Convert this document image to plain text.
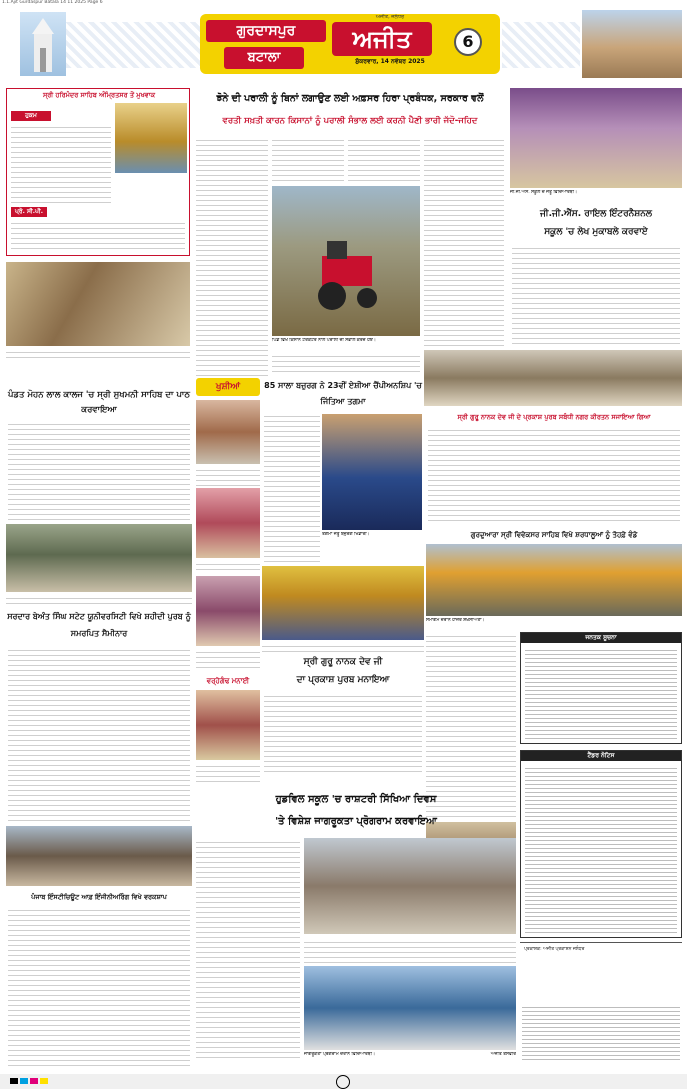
1.1.Ajit Gurdaspur Batala 14 11 2025 Page 6
ਗੁਰਦਾਸਪੁਰ
ਬਟਾਲਾ
ਅਜੀਤ
ਅਜੀਤ, ਜਲੰਧਰ
ਸ਼ੁੱਕਰਵਾਰ, 14 ਨਵੰਬਰ 2025
6
ਸ੍ਰੀ ਹਰਿਮੰਦਰ ਸਾਹਿਬ ਅੰਮ੍ਰਿਤਸਰ ਤੋਂ ਮੁਖਵਾਕ
ਹੁਕਮ
ਪ੍ਰੋ. ਸੀ.ਪੀ.
ਝੋਨੇ ਦੀ ਪਰਾਲੀ ਨੂੰ ਬਿਨਾਂ ਲਗਾਉਣ ਲਈ ਅਫ਼ਸਰ ਹਿਰਾ ਪ੍ਰਬੰਧਕ, ਸਰਕਾਰ ਵਲੋਂ
ਵਰਤੀ ਸਖ਼ਤੀ ਕਾਰਨ ਕਿਸਾਨਾਂ ਨੂੰ ਪਰਾਲੀ ਸੰਭਾਲ ਲਈ ਕਰਨੀ ਪੈਣੀ ਭਾਰੀ ਜੱਦੋ-ਜਹਿਦ
ਪਿੰਡ ਵਿਖੇ ਕਿਸਾਨ ਟਰੈਕਟਰ ਨਾਲ ਪਰਾਲੀ ਦੀ ਸੰਭਾਲ ਕਰਦੇ ਹੋਏ।
ਜੀ.ਜੀ.ਐੱਸ. ਸਕੂਲ ਦੇ ਜੇਤੂ ਵਿਦਿਆਰਥੀ।
ਜੀ.ਜੀ.ਐੱਸ. ਰਾਇਲ ਇੰਟਰਨੈਸ਼ਨਲ
ਸਕੂਲ 'ਚ ਲੇਖ ਮੁਕਾਬਲੇ ਕਰਵਾਏ
ਪੰਡਤ ਮੋਹਨ ਲਾਲ ਕਾਲਜ 'ਚ ਸ੍ਰੀ ਸੁਖਮਨੀ ਸਾਹਿਬ ਦਾ ਪਾਠ ਕਰਵਾਇਆ
ਸਰਦਾਰ ਬੇਅੰਤ ਸਿੰਘ ਸਟੇਟ ਯੂਨੀਵਰਸਿਟੀ ਵਿਖੇ ਸ਼ਹੀਦੀ ਪੁਰਬ ਨੂੰ ਸਮਰਪਿਤ ਸੈਮੀਨਾਰ
ਖੁਸ਼ੀਆਂ
ਵਰ੍ਹੇਗੰਢ ਮਨਾਈ
85 ਸਾਲਾ ਬਜ਼ੁਰਗ ਨੇ 23ਵੀਂ ਏਸ਼ੀਆ ਚੈਂਪੀਅਨਸ਼ਿਪ 'ਚ ਜਿੱਤਿਆ ਤਗਮਾ
ਤਗਮਾ ਜੇਤੂ ਬਜ਼ੁਰਗ ਖਿਡਾਰੀ।
ਸ੍ਰੀ ਗੁਰੂ ਨਾਨਕ ਦੇਵ ਜੀ
ਦਾ ਪ੍ਰਕਾਸ਼ ਪੁਰਬ ਮਨਾਇਆ
ਸ੍ਰੀ ਗੁਰੂ ਨਾਨਕ ਦੇਵ ਜੀ ਦੇ ਪ੍ਰਕਾਸ਼ ਪੁਰਬ ਸਬੰਧੀ ਨਗਰ ਕੀਰਤਨ ਸਜਾਇਆ ਗਿਆ
ਗੁਰਦੁਆਰਾ ਸ੍ਰੀ ਵਿਵੇਕਸਰ ਸਾਹਿਬ ਵਿਖੇ ਸ਼ਰਧਾਲੂਆਂ ਨੂੰ ਤੋਹਫ਼ੇ ਵੰਡੇ
ਸਮਾਗਮ ਦੌਰਾਨ ਹਾਜ਼ਰ ਸ਼ਖ਼ਸੀਅਤਾਂ।
ਜਨਤਕ ਸੂਚਨਾ
ਟੈਂਡਰ ਨੋਟਿਸ
ਹੁਡਵਿਲ ਸਕੂਲ 'ਚ ਰਾਸ਼ਟਰੀ ਸਿੱਖਿਆ ਦਿਵਸ
'ਤੇ ਵਿਸ਼ੇਸ਼ ਜਾਗਰੂਕਤਾ ਪ੍ਰੋਗਰਾਮ ਕਰਵਾਇਆ
ਜਾਗਰੂਕਤਾ ਪ੍ਰੋਗਰਾਮ ਦੌਰਾਨ ਵਿਦਿਆਰਥੀ।	ਅਜੀਤ ਤਸਵੀਰ
ਪੰਜਾਬ ਇੰਸਟੀਚਿਊਟ ਆਫ਼ ਇੰਜੀਨੀਅਰਿੰਗ ਵਿਖੇ ਵਰਕਸ਼ਾਪ
ਪ੍ਰਕਾਸ਼ਕ: ਅਜੀਤ ਪ੍ਰਕਾਸ਼ਨ ਜਲੰਧਰ
